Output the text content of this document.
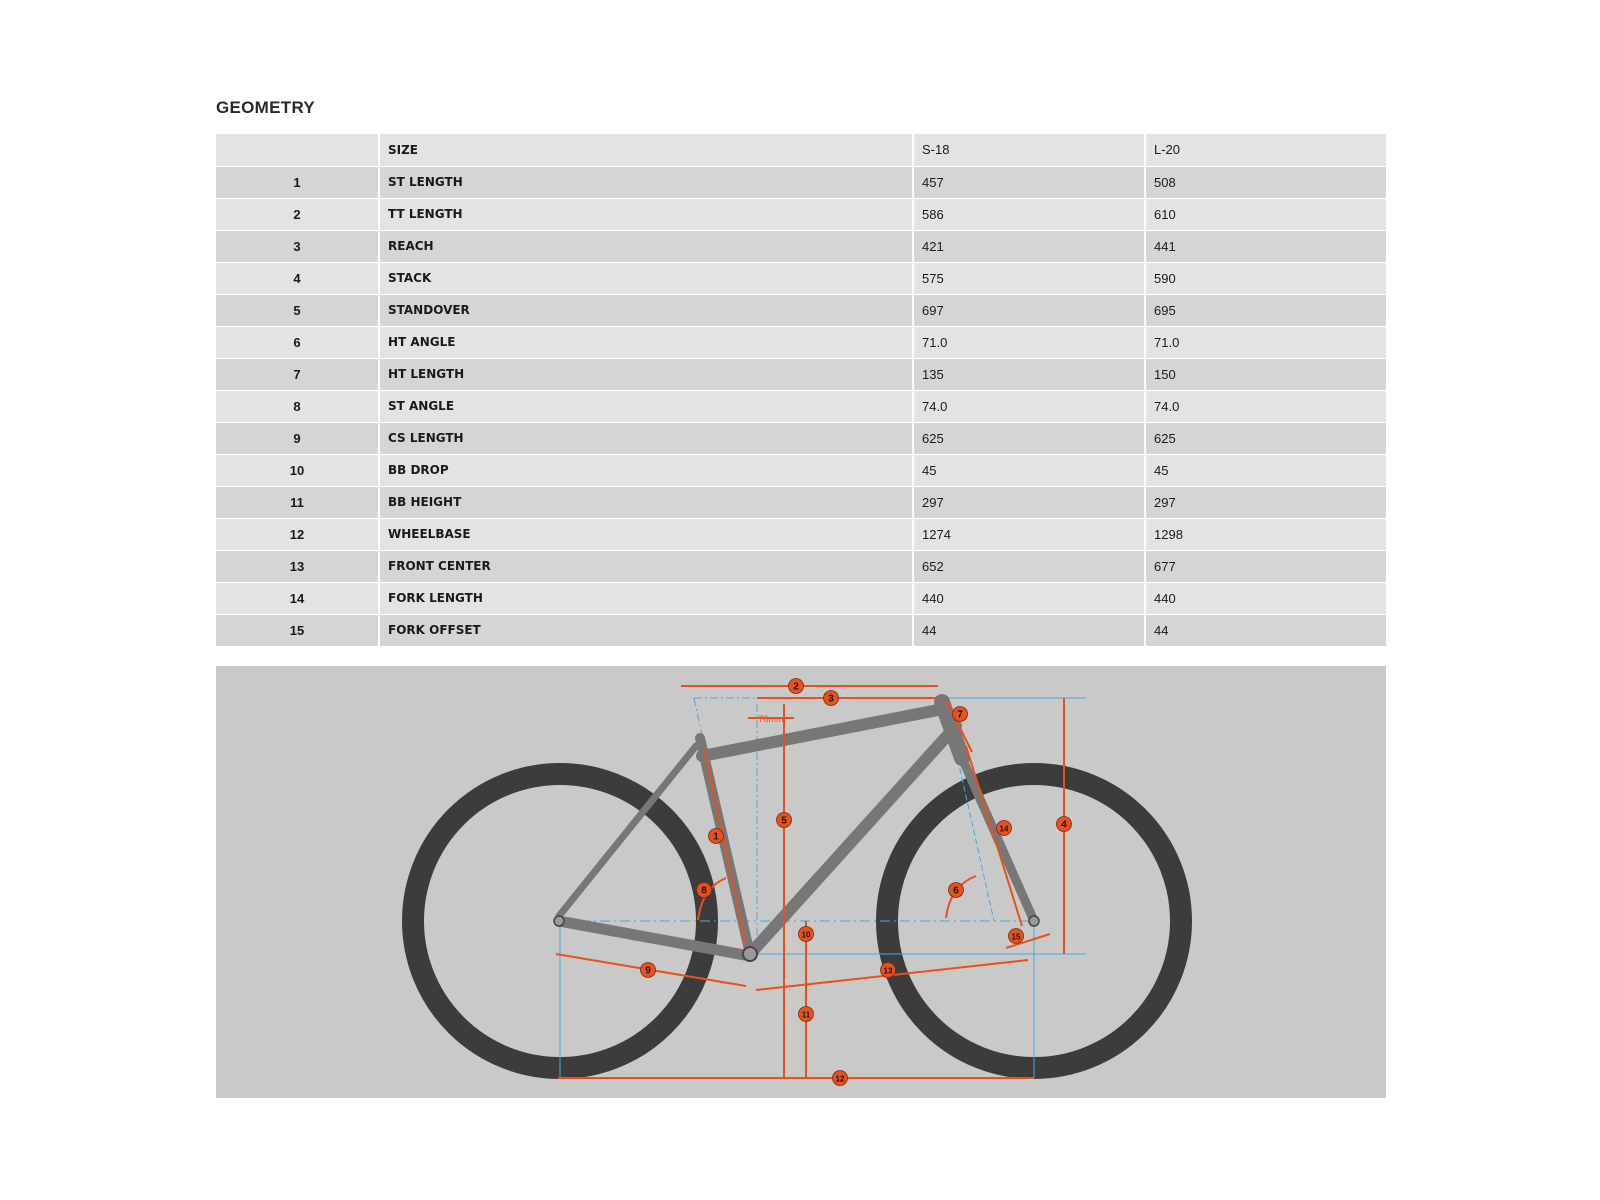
GEOMETRY
	SIZE	S-18	L-20
1	ST LENGTH	457	508
2	TT LENGTH	586	610
3	REACH	421	441
4	STACK	575	590
5	STANDOVER	697	695
6	HT ANGLE	71.0	71.0
7	HT LENGTH	135	150
8	ST ANGLE	74.0	74.0
9	CS LENGTH	625	625
10	BB DROP	45	45
11	BB HEIGHT	297	297
12	WHEELBASE	1274	1298
13	FRONT CENTER	652	677
14	FORK LENGTH	440	440
15	FORK OFFSET	44	44
1
2
3
4
5
6
7
8
9
10
11
12
13
14
15
70mm
